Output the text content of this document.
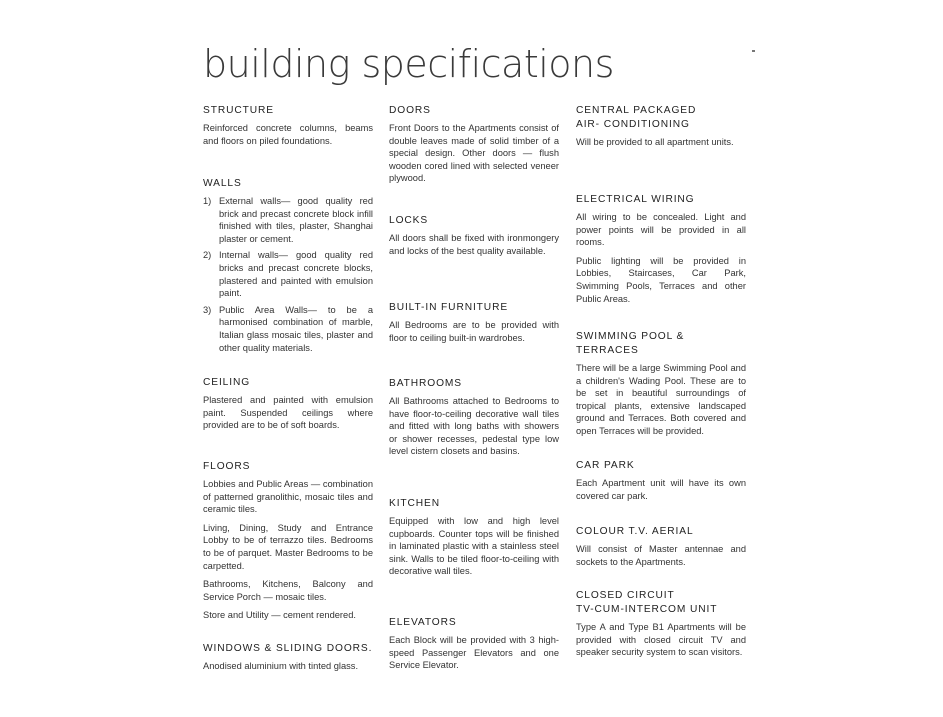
building specifications
STRUCTURE

Reinforced concrete columns, beams and floors on piled foundations.

WALLS
1) External walls— good quality red brick and precast concrete block infill finished with tiles, plaster, Shanghai plaster or cement.
2) Internal walls— good quality red bricks and precast concrete blocks, plastered and painted with emulsion paint.
3) Public Area Walls— to be a harmonised combination of marble, Italian glass mosaic tiles, plaster and other quality materials.
CEILING

Plastered and painted with emulsion paint. Suspended ceilings where provided are to be of soft boards.

FLOORS

Lobbies and Public Areas — combination of patterned granolithic, mosaic tiles and ceramic tiles.

Living, Dining, Study and Entrance Lobby to be of terrazzo tiles. Bedrooms to be of parquet. Master Bedrooms to be carpetted.

Bathrooms, Kitchens, Balcony and Service Porch — mosaic tiles.

Store and Utility — cement rendered.

WINDOWS & SLIDING DOORS.

Anodised aluminium with tinted glass.

DOORS

Front Doors to the Apartments consist of double leaves made of solid timber of a special design. Other doors — flush wooden cored lined with selected veneer plywood.

LOCKS

All doors shall be fixed with ironmongery and locks of the best quality available.

BUILT-IN FURNITURE

All Bedrooms are to be provided with floor to ceiling built-in wardrobes.

BATHROOMS

All Bathrooms attached to Bedrooms to have floor-to-ceiling decorative wall tiles and fitted with long baths with showers or shower recesses, pedestal type low level cistern closets and basins.

KITCHEN

Equipped with low and high level cupboards. Counter tops will be finished in laminated plastic with a stainless steel sink. Walls to be tiled floor-to-ceiling with decorative wall tiles.

ELEVATORS

Each Block will be provided with 3 high-speed Passenger Elevators and one Service Elevator.

CENTRAL PACKAGED
AIR- CONDITIONING

Will be provided to all apartment units.

ELECTRICAL WIRING

All wiring to be concealed. Light and power points will be provided in all rooms.

Public lighting will be provided in Lobbies, Staircases, Car Park, Swimming Pools, Terraces and other Public Areas.

SWIMMING POOL & TERRACES

There will be a large Swimming Pool and a children's Wading Pool. These are to be set in beautiful surroundings of tropical plants, extensive landscaped ground and Terraces. Both covered and open Terraces will be provided.

CAR PARK

Each Apartment unit will have its own covered car park.

COLOUR T.V. AERIAL

Will consist of Master antennae and sockets to the Apartments.

CLOSED CIRCUIT
TV-CUM-INTERCOM UNIT

Type A and Type B1 Apartments will be provided with closed circuit TV and speaker security system to scan visitors.
